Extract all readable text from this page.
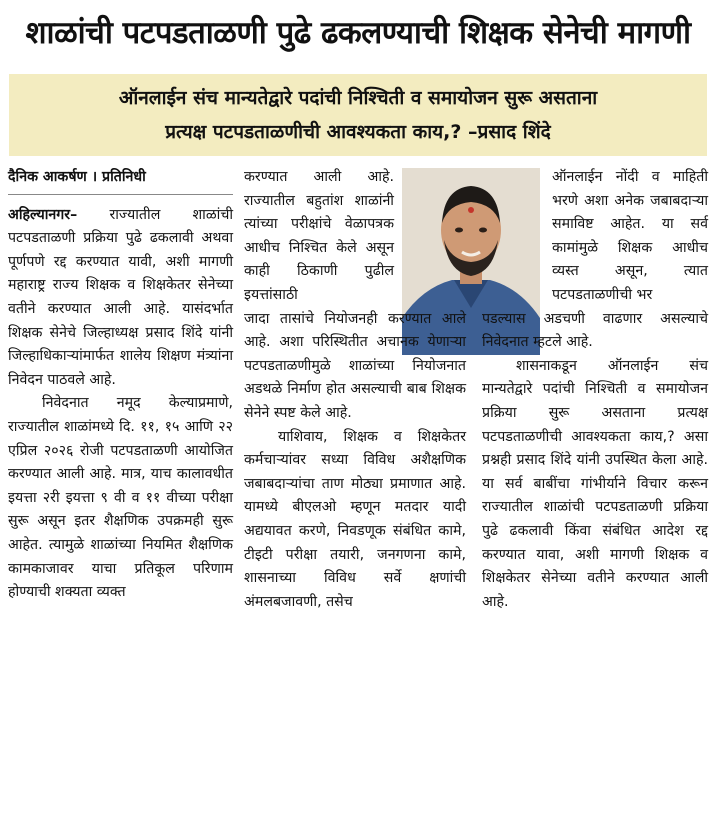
शाळांची पटपडताळणी पुढे ढकलण्याची शिक्षक सेनेची मागणी
ऑनलाईन संच मान्यतेद्वारे पदांची निश्चिती व समायोजन सुरू असताना
प्रत्यक्ष पटपडताळणीची आवश्यकता काय,? –प्रसाद शिंदे

दैनिक आकर्षण । प्रतिनिधी

अहिल्यानगर– राज्यातील शाळांची पटपडताळणी प्रक्रिया पुढे ढकलावी अथवा पूर्णपणे रद्द करण्यात यावी, अशी मागणी महाराष्ट्र राज्य शिक्षक व शिक्षकेतर सेनेच्या वतीने करण्यात आली आहे. यासंदर्भात शिक्षक सेनेचे जिल्हाध्यक्ष प्रसाद शिंदे यांनी जिल्हाधिकाऱ्यांमार्फत शालेय शिक्षण मंत्र्यांना निवेदन पाठवले आहे.

निवेदनात नमूद केल्याप्रमाणे, राज्यातील शाळांमध्ये दि. ११, १५ आणि २२ एप्रिल २०२६ रोजी पटपडताळणी आयोजित करण्यात आली आहे. मात्र, याच कालावधीत इयत्ता २री इयत्ता ९ वी व ११ वीच्या परीक्षा सुरू असून इतर शैक्षणिक उपक्रमही सुरू आहेत. त्यामुळे शाळांच्या नियमित शैक्षणिक कामकाजावर याचा प्रतिकूल परिणाम होण्याची शक्यता व्यक्त

करण्यात आली आहे. राज्यातील बहुतांश शाळांनी त्यांच्या परीक्षांचे वेळापत्रक आधीच निश्चित केले असून काही ठिकाणी पुढील इयत्तांसाठी

जादा तासांचे नियोजनही करण्यात आले आहे. अशा परिस्थितीत अचानक येणाऱ्या पटपडताळणीमुळे शाळांच्या नियोजनात अडथळे निर्माण होत असल्याची बाब शिक्षक सेनेने स्पष्ट केले आहे.

याशिवाय, शिक्षक व शिक्षकेतर कर्मचाऱ्यांवर सध्या विविध अशैक्षणिक जबाबदाऱ्यांचा ताण मोठ्या प्रमाणात आहे. यामध्ये बीएलओ म्हणून मतदार यादी अद्ययावत करणे, निवडणूक संबंधित कामे, टीइटी परीक्षा तयारी, जनगणना कामे, शासनाच्या विविध सर्वे क्षणांची अंमलबजावणी, तसेच

ऑनलाईन नोंदी व माहिती भरणे अशा अनेक जबाबदाऱ्या समाविष्ट आहेत. या सर्व कामांमुळे शिक्षक आधीच व्यस्त असून, त्यात पटपडताळणीची भर

पडल्यास अडचणी वाढणार असल्याचे निवेदनात म्हटले आहे.

शासनाकडून ऑनलाईन संच मान्यतेद्वारे पदांची निश्चिती व समायोजन प्रक्रिया सुरू असताना प्रत्यक्ष पटपडताळणीची आवश्यकता काय,? असा प्रश्नही प्रसाद शिंदे यांनी उपस्थित केला आहे. या सर्व बाबींचा गांभीर्याने विचार करून राज्यातील शाळांची पटपडताळणी प्रक्रिया पुढे ढकलावी किंवा संबंधित आदेश रद्द करण्यात यावा, अशी मागणी शिक्षक व शिक्षकेतर सेनेच्या वतीने करण्यात आली आहे.
